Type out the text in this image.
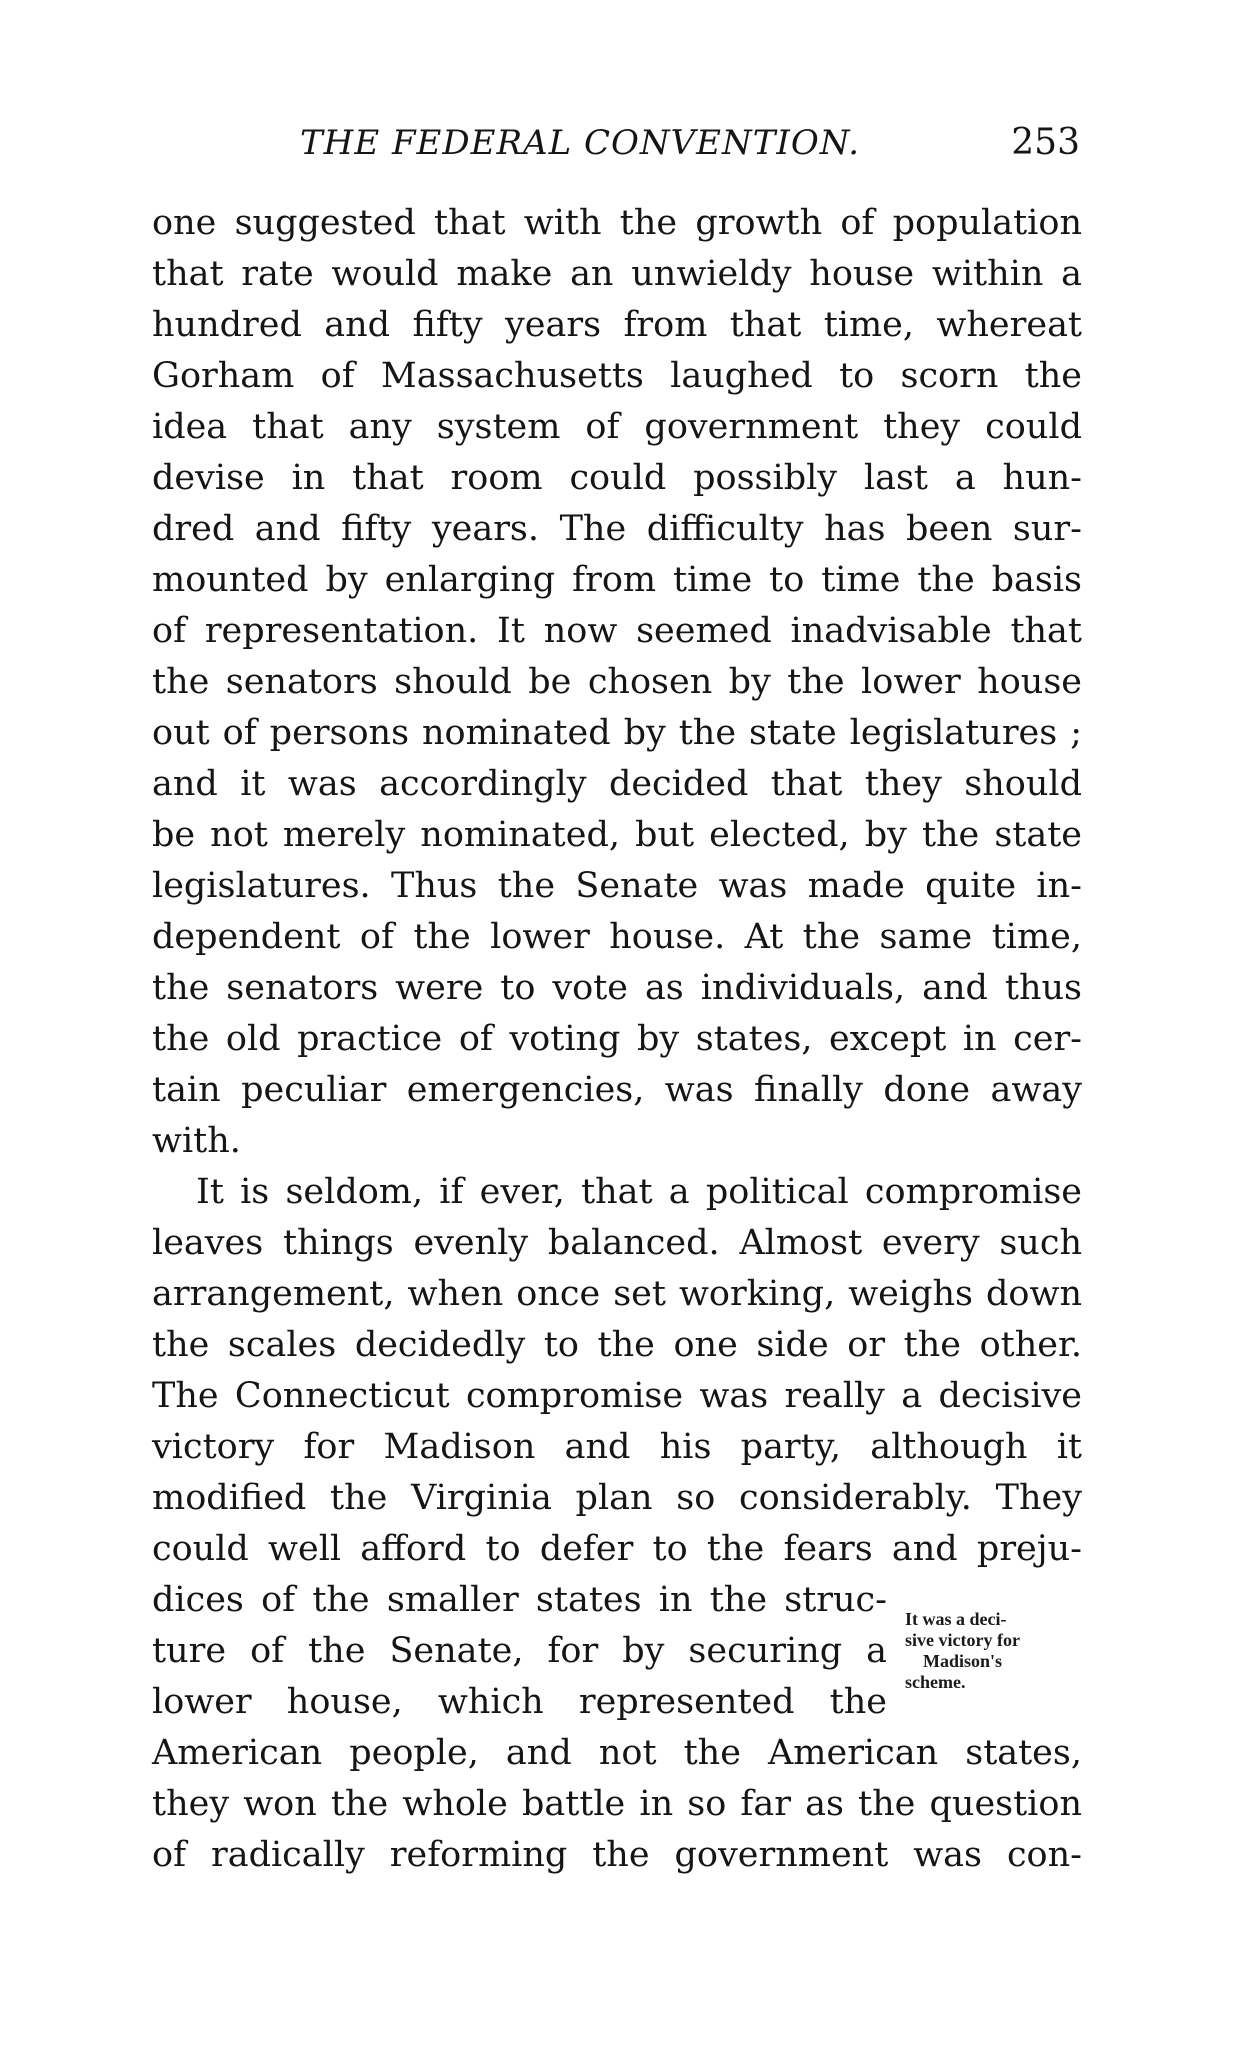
THE FEDERAL CONVENTION.	253
one suggested that with the growth of population
that rate would make an unwieldy house within a
hundred and fifty years from that time, whereat
Gorham of Massachusetts laughed to scorn the
idea that any system of government they could
devise in that room could possibly last a hun-
dred and fifty years. The difficulty has been sur-
mounted by enlarging from time to time the basis
of representation. It now seemed inadvisable that
the senators should be chosen by the lower house
out of persons nominated by the state legislatures ;
and it was accordingly decided that they should
be not merely nominated, but elected, by the state
legislatures. Thus the Senate was made quite in-
dependent of the lower house. At the same time,
the senators were to vote as individuals, and thus
the old practice of voting by states, except in cer-
tain peculiar emergencies, was finally done away
with.
It is seldom, if ever, that a political compromise
leaves things evenly balanced. Almost every such
arrangement, when once set working, weighs down
the scales decidedly to the one side or the other.
The Connecticut compromise was really a decisive
victory for Madison and his party, although it
modified the Virginia plan so considerably. They
could well afford to defer to the fears and preju-
dices of the smaller states in the struc-
ture of the Senate, for by securing a
lower house, which represented the
American people, and not the American states,
they won the whole battle in so far as the question
of radically reforming the government was con-
It was a deci-
sive victory for
Madison's
scheme.
